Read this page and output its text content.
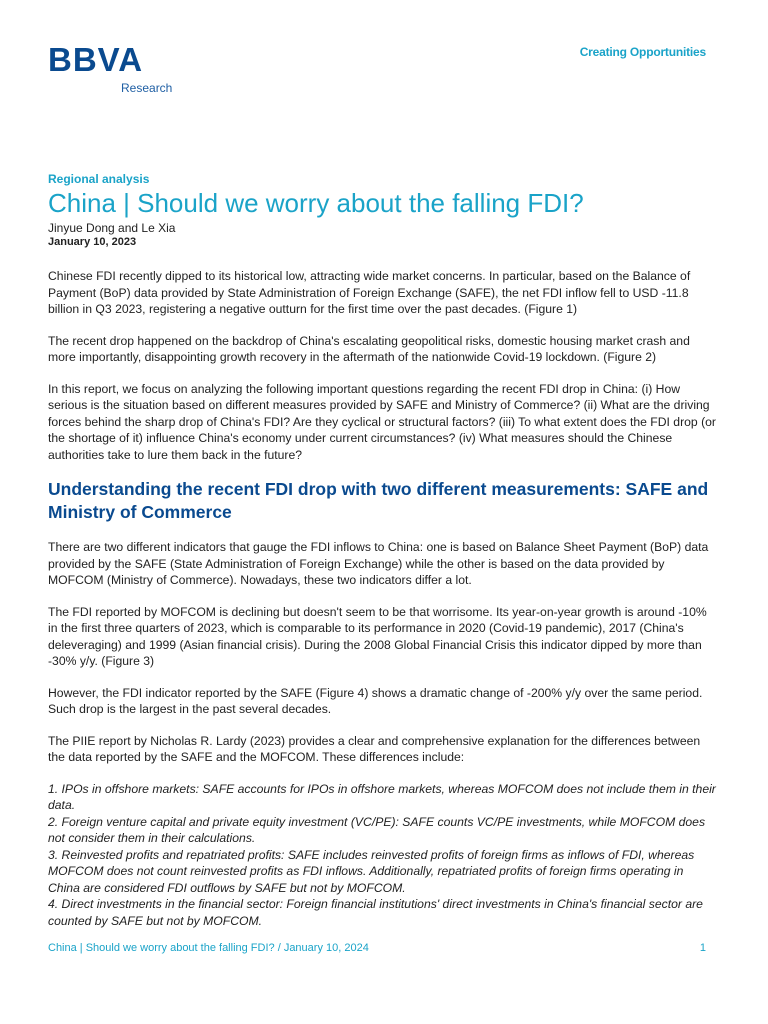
BBVA
Research
Creating Opportunities
Regional analysis
China | Should we worry about the falling FDI?
Jinyue Dong and Le Xia
January 10, 2023

Chinese FDI recently dipped to its historical low, attracting wide market concerns. In particular, based on the Balance of Payment (BoP) data provided by State Administration of Foreign Exchange (SAFE), the net FDI inflow fell to USD -11.8 billion in Q3 2023, registering a negative outturn for the first time over the past decades. (Figure 1)

The recent drop happened on the backdrop of China's escalating geopolitical risks, domestic housing market crash and more importantly, disappointing growth recovery in the aftermath of the nationwide Covid-19 lockdown. (Figure 2)

In this report, we focus on analyzing the following important questions regarding the recent FDI drop in China: (i) How serious is the situation based on different measures provided by SAFE and Ministry of Commerce? (ii) What are the driving forces behind the sharp drop of China's FDI? Are they cyclical or structural factors? (iii) To what extent does the FDI drop (or the shortage of it) influence China's economy under current circumstances? (iv) What measures should the Chinese authorities take to lure them back in the future?

Understanding the recent FDI drop with two different measurements: SAFE and Ministry of Commerce

There are two different indicators that gauge the FDI inflows to China: one is based on Balance Sheet Payment (BoP) data provided by the SAFE (State Administration of Foreign Exchange) while the other is based on the data provided by MOFCOM (Ministry of Commerce). Nowadays, these two indicators differ a lot.

The FDI reported by MOFCOM is declining but doesn't seem to be that worrisome. Its year-on-year growth is around -10% in the first three quarters of 2023, which is comparable to its performance in 2020 (Covid-19 pandemic), 2017 (China's deleveraging) and 1999 (Asian financial crisis). During the 2008 Global Financial Crisis this indicator dipped by more than -30% y/y. (Figure 3)

However, the FDI indicator reported by the SAFE (Figure 4) shows a dramatic change of -200% y/y over the same period. Such drop is the largest in the past several decades.

The PIIE report by Nicholas R. Lardy (2023) provides a clear and comprehensive explanation for the differences between the data reported by the SAFE and the MOFCOM. These differences include:

1. IPOs in offshore markets: SAFE accounts for IPOs in offshore markets, whereas MOFCOM does not include them in their data.
2. Foreign venture capital and private equity investment (VC/PE): SAFE counts VC/PE investments, while MOFCOM does not consider them in their calculations.
3. Reinvested profits and repatriated profits: SAFE includes reinvested profits of foreign firms as inflows of FDI, whereas MOFCOM does not count reinvested profits as FDI inflows. Additionally, repatriated profits of foreign firms operating in China are considered FDI outflows by SAFE but not by MOFCOM.
4. Direct investments in the financial sector: Foreign financial institutions' direct investments in China's financial sector are counted by SAFE but not by MOFCOM.
China | Should we worry about the falling FDI? / January 10, 2024	1
